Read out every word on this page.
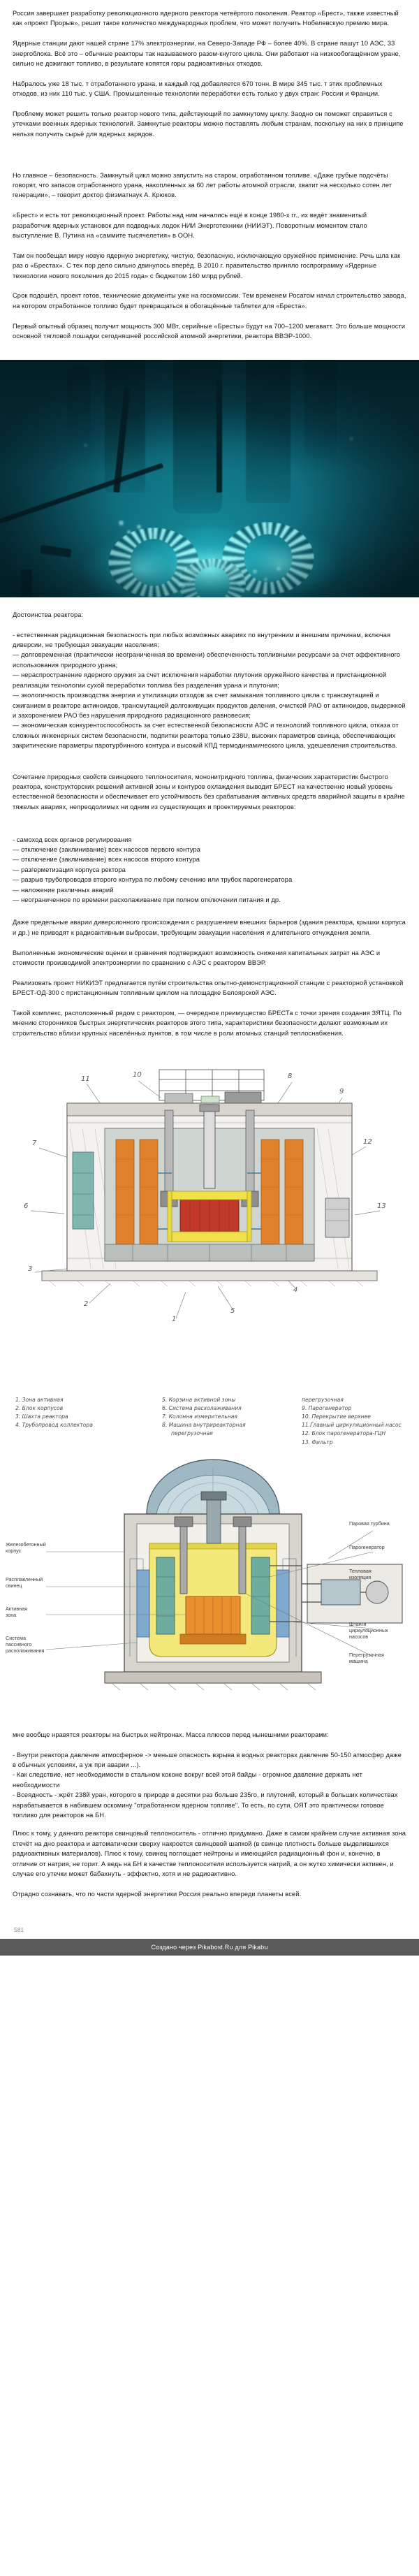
Россия завершает разработку революционного ядерного реактора четвёртого поколения. Реактор «Брест», также известный как «проект Прорыв», решит такое количество международных проблем, что может получить Нобелевскую премию мира.

Ядерные станции дают нашей стране 17% электроэнергии, на Северо-Западе РФ – более 40%. В стране пашут 10 АЭС, 33 энергоблока. Всё это – обычные реакторы так называемого разом-кнутого цикла. Они работают на низкообогащённом уране, сильно не дожигают топливо, в результате копятся горы радиоактивных отходов.

Набралось уже 18 тыс. т отработанного урана, и каждый год добавляется 670 тонн. В мире 345 тыс. т этих проблемных отходов, из них 110 тыс. у США. Промышленные технологии переработки есть только у двух стран: России и Франции.

Проблему может решить только реактор нового типа, действующий по замкнутому циклу. Заодно он поможет справиться с утечками военных ядерных технологий. Замкнутые реакторы можно поставлять любым странам, поскольку на них в принципе нельзя получить сырьё для ядерных зарядов.

Но главное – безопасность. Замкнутый цикл можно запустить на старом, отработанном топливе. «Даже грубые подсчёты говорят, что запасов отработанного урана, накопленных за 60 лет работы атомной отрасли, хватит на несколько сотен лет генерации», – говорит доктор физматнаук А. Крюков.

«Брест» и есть тот революционный проект. Работы над ним начались ещё в конце 1980-х гг., их ведёт знаменитый разработчик ядерных установок для подводных лодок НИИ Энерготехники (НИИЭТ). Поворотным моментом стало выступление В. Путина на «саммите тысячелетия» в ООН.

Там он пообещал миру новую ядерную энергетику, чистую, безопасную, исключающую оружейное применение. Речь шла как раз о «Брестах». С тех пор дело сильно двинулось вперёд. В 2010 г. правительство приняло госпрограмму «Ядерные технологии нового поколения до 2015 года» с бюджетом 160 млрд рублей.

Срок подошёл, проект готов, технические документы уже на госкомиссии. Тем временем Росатом начал строительство завода, на котором отработанное топливо будет превращаться в обогащённые таблетки для «Бреста».

Первый опытный образец получит мощность 300 МВт, серийные «Бресты» будут на 700–1200 мегаватт. Это больше мощности основной тягловой лошадки сегодняшней российской атомной энергетики, реактора ВВЭР-1000.

Достоинства реактора:

- естественная радиационная безопасность при любых возможных авариях по внутренним и внешним причинам, включая диверсии, не требующая эвакуации населения;

— долговременная (практически неограниченная во времени) обеспеченность топливными ресурсами за счет эффективного использования природного урана;

— нераспространение ядерного оружия за счет исключения наработки плутония оружейного качества и пристанционной реализации технологии сухой переработки топлива без разделения урана и плутония;

— экологичность производства энергии и утилизации отходов за счет замыкания топливного цикла с трансмутацией и сжиганием в реакторе актиноидов, трансмутацией долгоживущих продуктов деления, очисткой РАО от актиноидов, выдержкой и захоронением РАО без нарушения природного радиационного равновесия;

— экономическая конкурентоспособность за счет естественной безопасности АЭС и технологий топливного цикла, отказа от сложных инженерных систем безопасности, подпитки реактора только 238U, высоких параметров свинца, обеспечивающих закритические параметры паротурбинного контура и высокий КПД термодинамического цикла, удешевления строительства.

Сочетание природных свойств свинцового теплоносителя, мононитридного топлива, физических характеристик быстрого реактора, конструкторских решений активной зоны и контуров охлаждения выводит БРЕСТ на качественно новый уровень естественной безопасности и обеспечивает его устойчивость без срабатывания активных средств аварийной защиты в крайне тяжелых авариях, непреодолимых ни одним из существующих и проектируемых реакторов:

- самоход всех органов регулирования

— отключение (заклинивание) всех насосов первого контура

— отключение (заклинивание) всех насосов второго контура

— разгерметизация корпуса ректора

— разрыв трубопроводов второго контура по любому сечению или трубок парогенератора

— наложение различных аварий

— неограниченное по времени расхолаживание при полном отключении питания и др.

Даже предельные аварии диверсионного происхождения с разрушением внешних барьеров (здания реактора, крышки корпуса и др.) не приводят к радиоактивным выбросам, требующим эвакуации населения и длительного отчуждения земли.

Выполненные экономические оценки и сравнения подтверждают возможность снижения капитальных затрат на АЭС и стоимости производимой электроэнергии по сравнению с АЭС с реактором ВВЭР.

Реализовать проект НИКИЭТ предлагается путём строительства опытно-демонстрационной станции с реакторной установкой БРЕСТ-ОД-300 с пристанционным топливным циклом на площадке Белоярской АЭС.

Такой комплекс, расположенный рядом с реактором, — очередное преимущество БРЕСТа с точки зрения создания ЗЯТЦ. По мнению сторонников быстрых энергетических реакторов этого типа, характеристики безопасности делают возможным их строительство вблизи крупных населённых пунктов, в том числе в роли атомных станций теплоснабжения.

11
10	8
9
12
13
7
6
3
2
1
5
4
1. Зона активная	5. Корзина активной зоны	перегрузочная
2. Блок корпусов	6. Система расхолаживания	9. Парогенератор
3. Шахта реактора	7. Колонна измерительная	10. Перекрытие верхнее
4. Трубопровод коллектора	8. Машина внутриреакторная	11.Главный циркуляционный насос
перегрузочная	12. Блок парогенератора-ГЦН
13. Фильтр
Железобетонный
корпус
Расплавленный
свинец
Активная
зона
Система
пассивного
расхолаживания
Паровая турбина
Парогенератор
Тепловая
изоляция
Штанги
циркуляционных
насосов
Перегрузочная
машина

мне вообще нравятся реакторы на быстрых нейтронах. Масса плюсов перед нынешними реакторами:

- Внутри реактора давление атмосферное -> меньше опасность взрыва в водных реакторах давление 50-150 атмосфер даже в обычных условиях, а уж при аварии ...).

- Как следствие, нет необходимости в стальном коконе вокруг всей этой байды - огромное давление держать нет необходимости

- Всеядность - жрёт 238й уран, которого в природе в десятки раз больше 235го, и плутоний, который в больших количествах нарабатывается в набившем оскомину "отработанном ядерном топливе". То есть, по сути, ОЯТ это практически готовое топливо для реакторов на БН.

Плюс к тому, у данного реактора свинцовый теплоноситель - отлично придумано. Даже в самом крайнем случае активная зона стечёт на дно реактора и автоматически сверху накроется свинцовой шапкой (в свинце плотность больше выделившихся радиоактивных материалов). Плюс к тому, свинец поглощает нейтроны и имеющийся радиационный фон и, конечно, в отличие от натрия, не горит. А ведь на БН в качестве теплоносителя используется натрий, а он жутко химически активен, и случае его утечки может бабахнуть - эффектно, хотя и не радиоактивно.

Отрадно сознавать, что по части ядерной энергетики Россия реально впереди планеты всей.

581
Создано через Pikabost.Ru для Pikabu
